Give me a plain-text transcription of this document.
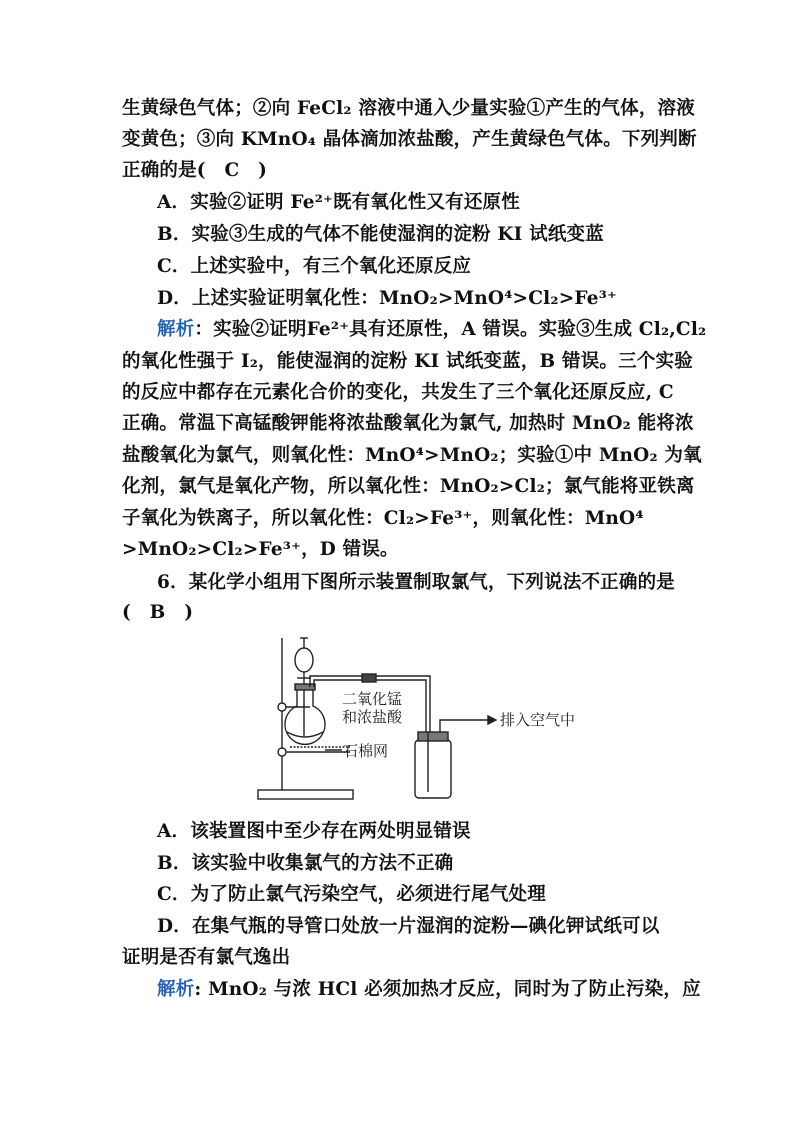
生黄绿色气体；②向 FeCl₂ 溶液中通入少量实验①产生的气体，溶液
变黄色；③向 KMnO₄ 晶体滴加浓盐酸，产生黄绿色气体。下列判断
正确的是(　C　)
A．实验②证明 Fe²⁺既有氧化性又有还原性
B．实验③生成的气体不能使湿润的淀粉 KI 试纸变蓝
C．上述实验中，有三个氧化还原反应
D．上述实验证明氧化性：MnO₂>MnO⁴>Cl₂>Fe³⁺
解析：实验②证明Fe²⁺具有还原性，A 错误。实验③生成 Cl₂,Cl₂
的氧化性强于 I₂，能使湿润的淀粉 KI 试纸变蓝，B 错误。三个实验
的反应中都存在元素化合价的变化，共发生了三个氧化还原反应, C
正确。常温下高锰酸钾能将浓盐酸氧化为氯气, 加热时 MnO₂ 能将浓
盐酸氧化为氯气，则氧化性：MnO⁴>MnO₂；实验①中 MnO₂ 为氧
化剂，氯气是氧化产物，所以氧化性：MnO₂>Cl₂；氯气能将亚铁离
子氧化为铁离子，所以氧化性：Cl₂>Fe³⁺，则氧化性：MnO⁴
>MnO₂>Cl₂>Fe³⁺，D 错误。
6．某化学小组用下图所示装置制取氯气，下列说法不正确的是
(　B　)
二氧化锰
和浓盐酸
石棉网
排入空气中
A．该装置图中至少存在两处明显错误
B．该实验中收集氯气的方法不正确
C．为了防止氯气污染空气，必须进行尾气处理
D．在集气瓶的导管口处放一片湿润的淀粉—碘化钾试纸可以
证明是否有氯气逸出
解析: MnO₂ 与浓 HCl 必须加热才反应，同时为了防止污染，应
